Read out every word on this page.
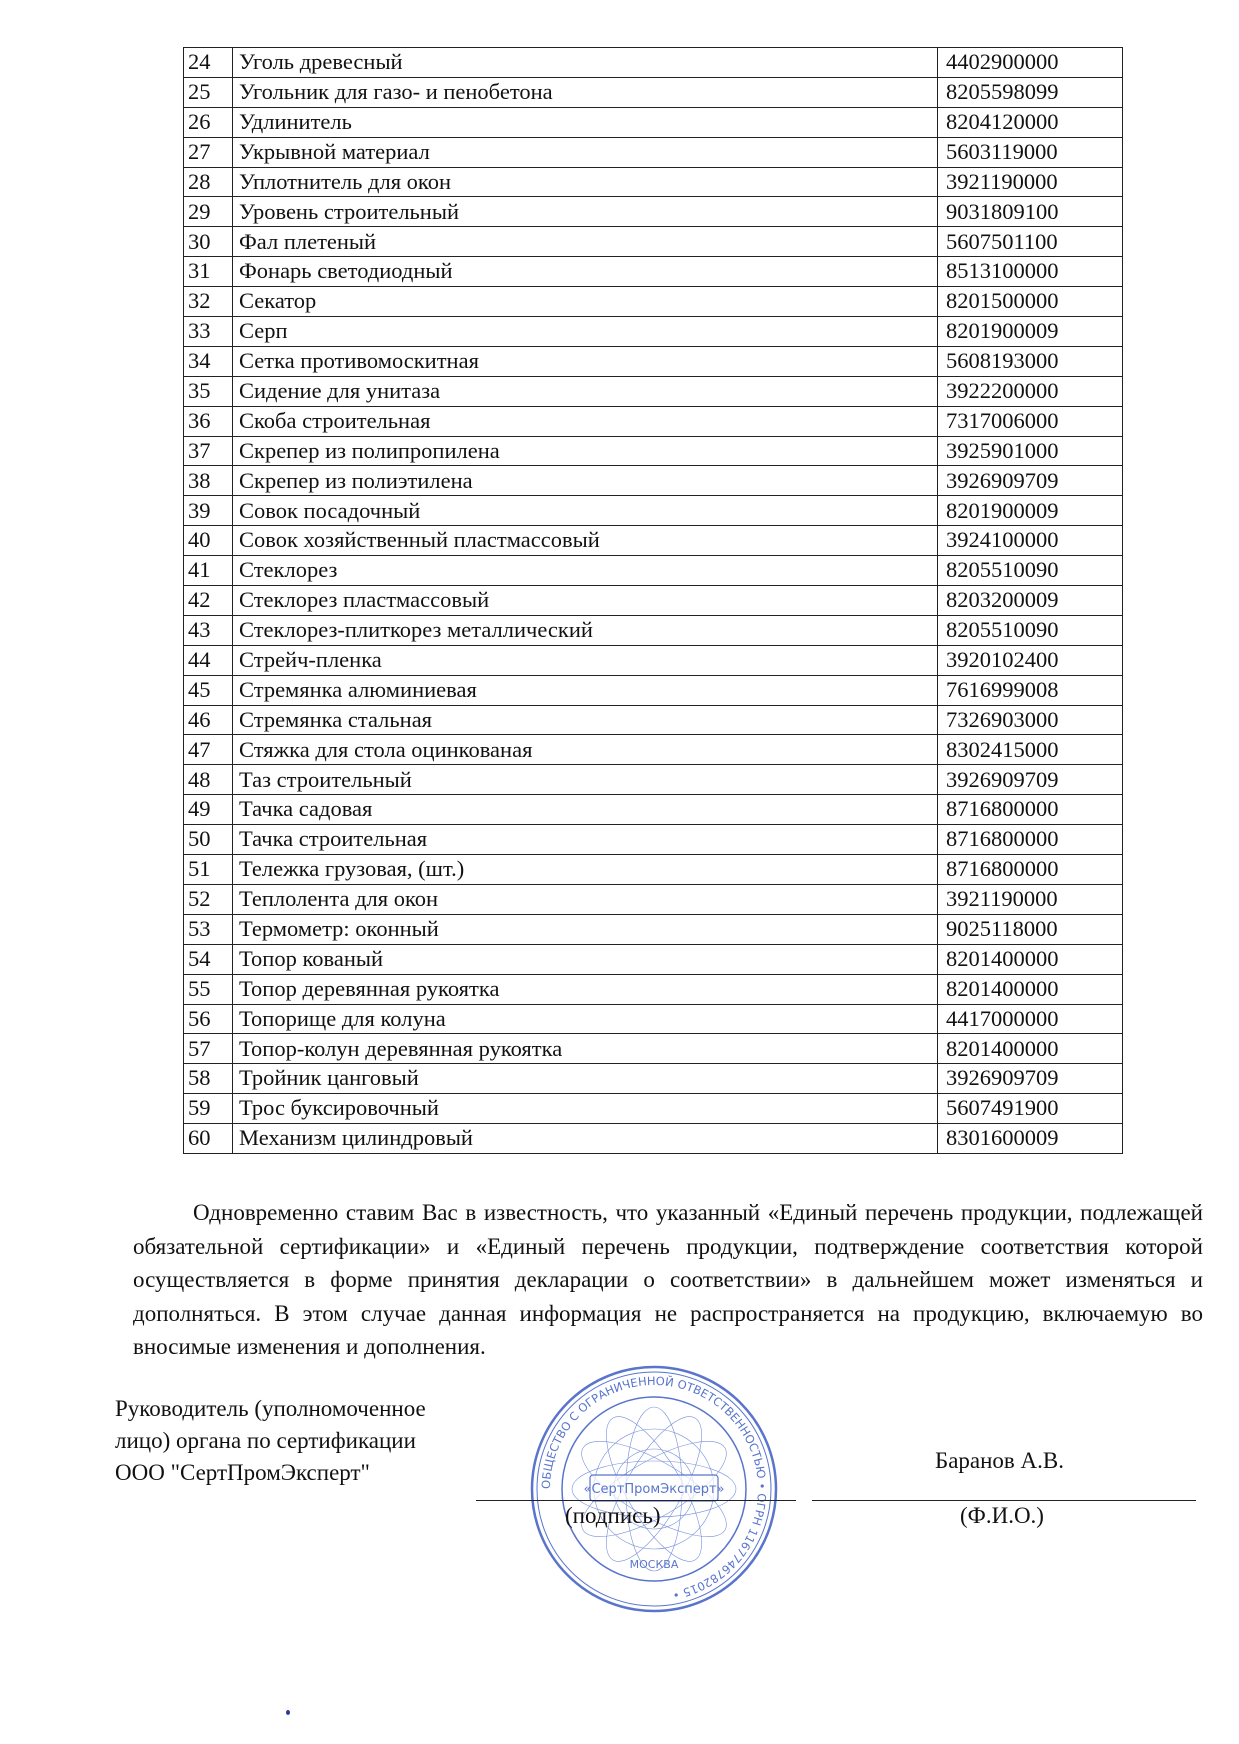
24	Уголь древесный	4402900000
25	Угольник для газо- и пенобетона	8205598099
26	Удлинитель	8204120000
27	Укрывной материал	5603119000
28	Уплотнитель для окон	3921190000
29	Уровень строительный	9031809100
30	Фал плетеный	5607501100
31	Фонарь светодиодный	8513100000
32	Секатор	8201500000
33	Серп	8201900009
34	Сетка противомоскитная	5608193000
35	Сидение для унитаза	3922200000
36	Скоба строительная	7317006000
37	Скрепер из полипропилена	3925901000
38	Скрепер из полиэтилена	3926909709
39	Совок посадочный	8201900009
40	Совок хозяйственный пластмассовый	3924100000
41	Стеклорез	8205510090
42	Стеклорез пластмассовый	8203200009
43	Стеклорез-плиткорез металлический	8205510090
44	Стрейч-пленка	3920102400
45	Стремянка алюминиевая	7616999008
46	Стремянка стальная	7326903000
47	Стяжка для стола оцинкованая	8302415000
48	Таз строительный	3926909709
49	Тачка садовая	8716800000
50	Тачка строительная	8716800000
51	Тележка грузовая, (шт.)	8716800000
52	Теплолента для окон	3921190000
53	Термометр: оконный	9025118000
54	Топор кованый	8201400000
55	Топор деревянная рукоятка	8201400000
56	Топорище для колуна	4417000000
57	Топор-колун деревянная рукоятка	8201400000
58	Тройник цанговый	3926909709
59	Трос буксировочный	5607491900
60	Механизм цилиндровый	8301600009

Одновременно ставим Вас в известность, что указанный «Единый перечень продукции, подлежащей обязательной сертификации» и «Единый перечень продукции, подтверждение соответствия которой осуществляется в форме принятия декларации о соответствии» в дальнейшем может изменяться и дополняться. В этом случае данная информация не распространяется на продукцию, включаемую во вносимые изменения и дополнения.

Руководитель (уполномоченное
лицо) органа по сертификации
ООО "СертПромЭксперт"	ОБЩЕСТВО С ОГРАНИЧЕННОЙ ОТВЕТСТВЕННОСТЬЮ • ОГРН 1167746782015 •
«СертПромЭксперт»
МОСКВА
Баранов А.В.
(подпись)	(Ф.И.О.)
